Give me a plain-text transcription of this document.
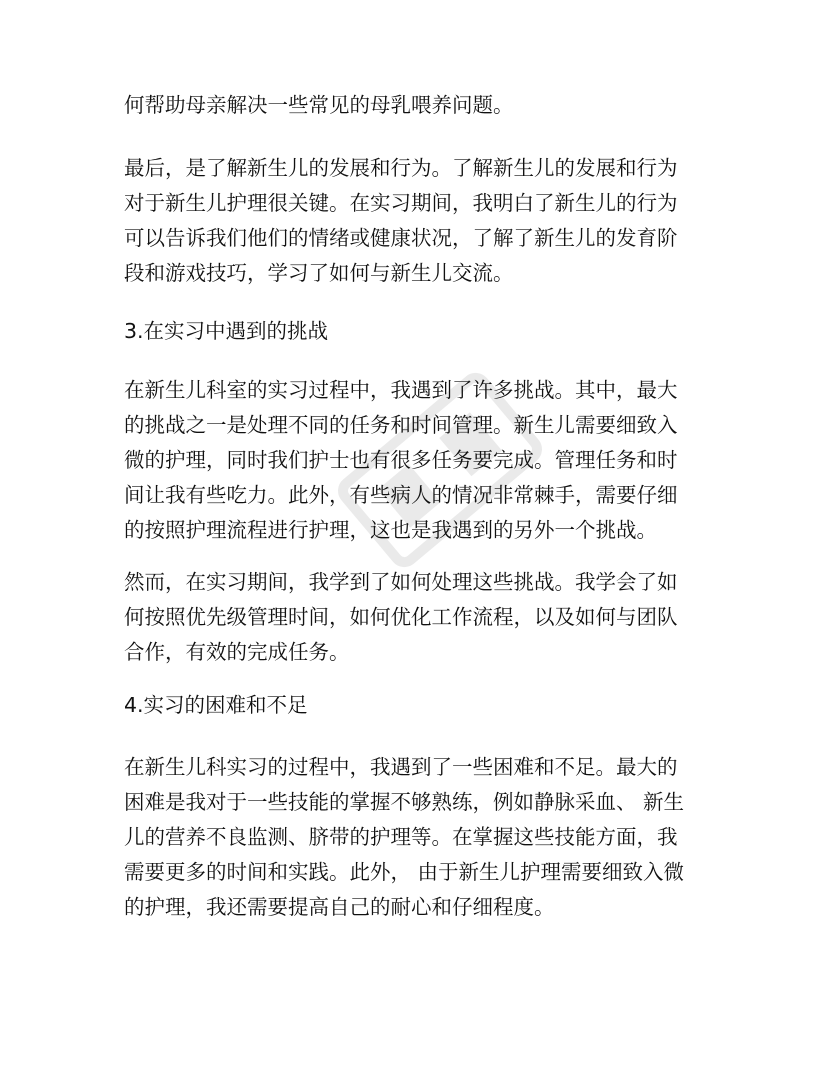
何帮助母亲解决一些常见的母乳喂养问题。
最后，是了解新生儿的发展和行为。了解新生儿的发展和行为
对于新生儿护理很关键。在实习期间，我明白了新生儿的行为
可以告诉我们他们的情绪或健康状况，了解了新生儿的发育阶
段和游戏技巧，学习了如何与新生儿交流。
3.在实习中遇到的挑战
在新生儿科室的实习过程中，我遇到了许多挑战。其中，最大
的挑战之一是处理不同的任务和时间管理。新生儿需要细致入
微的护理，同时我们护士也有很多任务要完成。管理任务和时
间让我有些吃力。此外，有些病人的情况非常棘手，需要仔细
的按照护理流程进行护理，这也是我遇到的另外一个挑战。
然而，在实习期间，我学到了如何处理这些挑战。我学会了如
何按照优先级管理时间，如何优化工作流程，以及如何与团队
合作，有效的完成任务。
4.实习的困难和不足
在新生儿科实习的过程中，我遇到了一些困难和不足。最大的
困难是我对于一些技能的掌握不够熟练，例如静脉采血、 新生
儿的营养不良监测、脐带的护理等。在掌握这些技能方面，我
需要更多的时间和实践。此外， 由于新生儿护理需要细致入微
的护理，我还需要提高自己的耐心和仔细程度。
